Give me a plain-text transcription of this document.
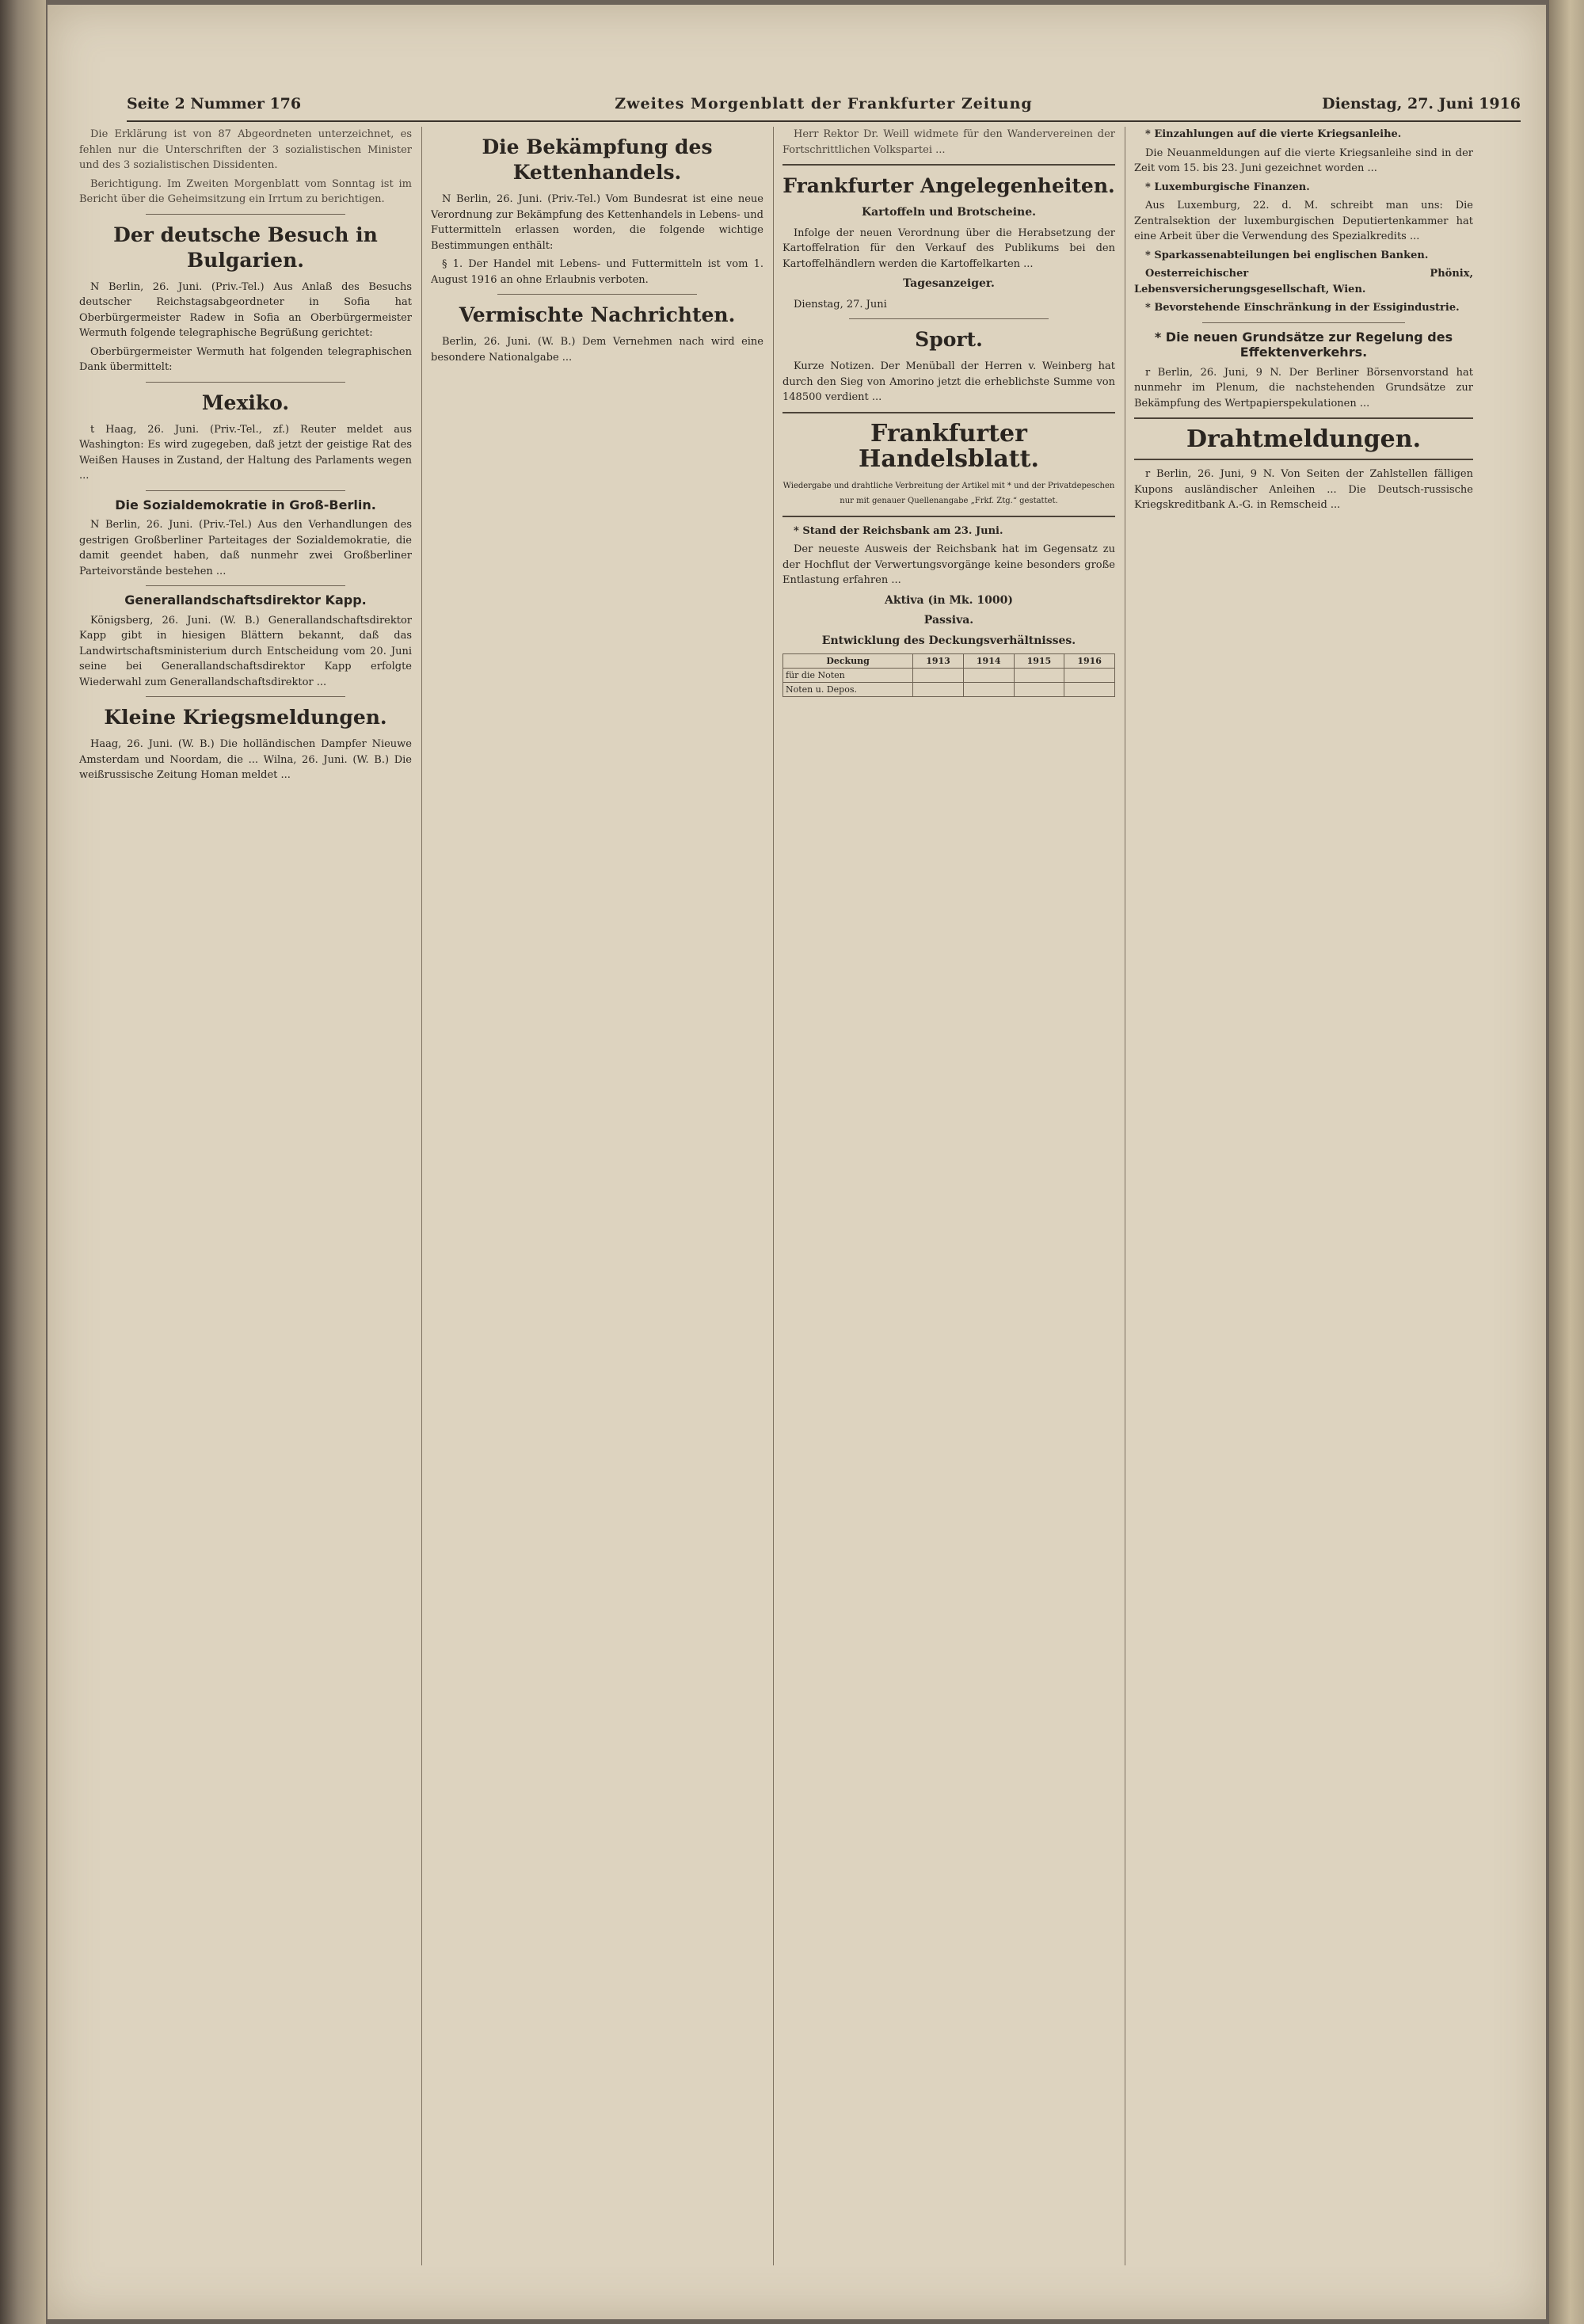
Seite 2 Nummer 176	Zweites Morgenblatt der Frankfurter Zeitung	Dienstag, 27. Juni 1916

Die Erklärung ist von 87 Abgeordneten unterzeichnet, es fehlen nur die Unterschriften der 3 sozialistischen Minister und des 3 sozialistischen Dissidenten.

Berichtigung. Im Zweiten Morgenblatt vom Sonntag ist im Bericht über die Geheimsitzung ein Irrtum zu berichtigen.

Der deutsche Besuch in Bulgarien.

N Berlin, 26. Juni. (Priv.-Tel.) Aus Anlaß des Besuchs deutscher Reichstagsabgeordneter in Sofia hat Oberbürgermeister Radew in Sofia an Oberbürgermeister Wermuth folgende telegraphische Begrüßung gerichtet:

Oberbürgermeister Wermuth hat folgenden telegraphischen Dank übermittelt:

Mexiko.

t Haag, 26. Juni. (Priv.-Tel., zf.) Reuter meldet aus Washington: Es wird zugegeben, daß jetzt der geistige Rat des Weißen Hauses in Zustand, der Haltung des Parlaments wegen ...

Die Sozialdemokratie in Groß-Berlin.

N Berlin, 26. Juni. (Priv.-Tel.) Aus den Verhandlungen des gestrigen Großberliner Parteitages der Sozialdemokratie, die damit geendet haben, daß nunmehr zwei Großberliner Parteivorstände bestehen ...

Generallandschaftsdirektor Kapp.

Königsberg, 26. Juni. (W. B.) Generallandschaftsdirektor Kapp gibt in hiesigen Blättern bekannt, daß das Landwirtschaftsministerium durch Entscheidung vom 20. Juni seine bei Generallandschaftsdirektor Kapp erfolgte Wiederwahl zum Generallandschaftsdirektor ...

Kleine Kriegsmeldungen.

Haag, 26. Juni. (W. B.) Die holländischen Dampfer Nieuwe Amsterdam und Noordam, die ... Wilna, 26. Juni. (W. B.) Die weißrussische Zeitung Homan meldet ...

Die Bekämpfung des Kettenhandels.

N Berlin, 26. Juni. (Priv.-Tel.) Vom Bundesrat ist eine neue Verordnung zur Bekämpfung des Kettenhandels in Lebens- und Futtermitteln erlassen worden, die folgende wichtige Bestimmungen enthält:

§ 1. Der Handel mit Lebens- und Futtermitteln ist vom 1. August 1916 an ohne Erlaubnis verboten.

Vermischte Nachrichten.

Berlin, 26. Juni. (W. B.) Dem Vernehmen nach wird eine besondere Nationalgabe ...

Herr Rektor Dr. Weill widmete für den Wandervereinen der Fortschrittlichen Volkspartei ...

Frankfurter Angelegenheiten.
Kartoffeln und Brotscheine.

Infolge der neuen Verordnung über die Herabsetzung der Kartoffelration für den Verkauf des Publikums bei den Kartoffelhändlern werden die Kartoffelkarten ...

Tagesanzeiger.

Dienstag, 27. Juni

Sport.

Kurze Notizen. Der Menüball der Herren v. Weinberg hat durch den Sieg von Amorino jetzt die erheblichste Summe von 148500 verdient ...

Frankfurter Handelsblatt.
Wiedergabe und drahtliche Verbreitung der Artikel mit * und der Privatdepeschen nur mit genauer Quellenangabe „Frkf. Ztg.“ gestattet.

* Stand der Reichsbank am 23. Juni.

Der neueste Ausweis der Reichsbank hat im Gegensatz zu der Hochflut der Verwertungsvorgänge keine besonders große Entlastung erfahren ...

Aktiva (in Mk. 1000)
Passiva.
Entwicklung des Deckungsverhältnisses.
Deckung	1913	1914	1915	1916
für die Noten				
Noten u. Depos.				

* Einzahlungen auf die vierte Kriegsanleihe.

Die Neuanmeldungen auf die vierte Kriegsanleihe sind in der Zeit vom 15. bis 23. Juni gezeichnet worden ...

* Luxemburgische Finanzen.

Aus Luxemburg, 22. d. M. schreibt man uns: Die Zentralsektion der luxemburgischen Deputiertenkammer hat eine Arbeit über die Verwendung des Spezialkredits ...

* Sparkassenabteilungen bei englischen Banken.

Oesterreichischer Phönix, Lebensversicherungsgesellschaft, Wien.

* Bevorstehende Einschränkung in der Essigindustrie.

* Die neuen Grundsätze zur Regelung des Effektenverkehrs.

r Berlin, 26. Juni, 9 N. Der Berliner Börsenvorstand hat nunmehr im Plenum, die nachstehenden Grundsätze zur Bekämpfung des Wertpapierspekulationen ...

Drahtmeldungen.

r Berlin, 26. Juni, 9 N. Von Seiten der Zahlstellen fälligen Kupons ausländischer Anleihen ... Die Deutsch-russische Kriegskreditbank A.-G. in Remscheid ...
